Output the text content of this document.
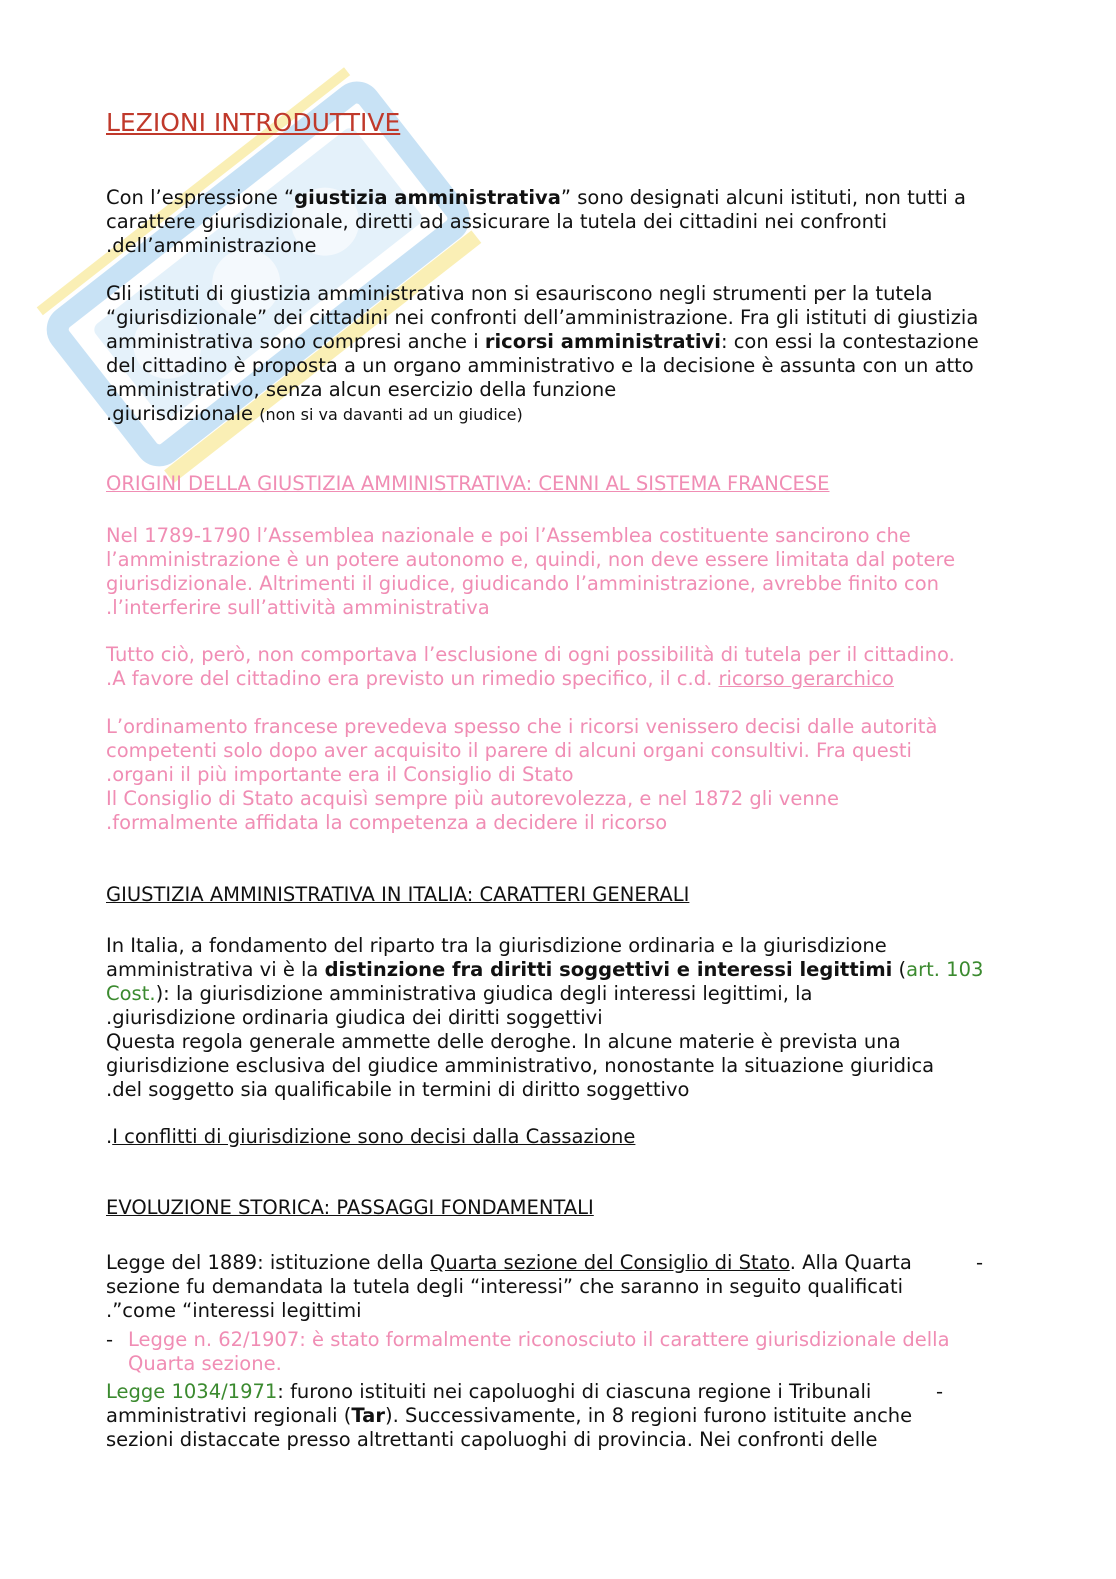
LEZIONI INTRODUTTIVE

Con l’espressione “giustizia amministrativa” sono designati alcuni istituti, non tutti a carattere giurisdizionale, diretti ad assicurare la tutela dei cittadini nei confronti
.dell’amministrazione

Gli istituti di giustizia amministrativa non si esauriscono negli strumenti per la tutela “giurisdizionale” dei cittadini nei confronti dell’amministrazione. Fra gli istituti di giustizia amministrativa sono compresi anche i ricorsi amministrativi: con essi la contestazione del cittadino è proposta a un organo amministrativo e la decisione è assunta con un atto amministrativo, senza alcun esercizio della funzione
.giurisdizionale (non si va davanti ad un giudice)

ORIGINI DELLA GIUSTIZIA AMMINISTRATIVA: CENNI AL SISTEMA FRANCESE

Nel 1789-1790 l’Assemblea nazionale e poi l’Assemblea costituente sancirono che l’amministrazione è un potere autonomo e, quindi, non deve essere limitata dal potere giurisdizionale. Altrimenti il giudice, giudicando l’amministrazione, avrebbe finito con
.l’interferire sull’attività amministrativa

Tutto ciò, però, non comportava l’esclusione di ogni possibilità di tutela per il cittadino.
.A favore del cittadino era previsto un rimedio specifico, il c.d. ricorso gerarchico

L’ordinamento francese prevedeva spesso che i ricorsi venissero decisi dalle autorità competenti solo dopo aver acquisito il parere di alcuni organi consultivi. Fra questi
.organi il più importante era il Consiglio di Stato
Il Consiglio di Stato acquisì sempre più autorevolezza, e nel 1872 gli venne
.formalmente affidata la competenza a decidere il ricorso

GIUSTIZIA AMMINISTRATIVA IN ITALIA: CARATTERI GENERALI

In Italia, a fondamento del riparto tra la giurisdizione ordinaria e la giurisdizione amministrativa vi è la distinzione fra diritti soggettivi e interessi legittimi (art. 103 Cost.): la giurisdizione amministrativa giudica degli interessi legittimi, la
.giurisdizione ordinaria giudica dei diritti soggettivi
Questa regola generale ammette delle deroghe. In alcune materie è prevista una giurisdizione esclusiva del giudice amministrativo, nonostante la situazione giuridica
.del soggetto sia qualificabile in termini di diritto soggettivo

.I conflitti di giurisdizione sono decisi dalla Cassazione

EVOLUZIONE STORICA: PASSAGGI FONDAMENTALI
Legge del 1889: istituzione della Quarta sezione del Consiglio di Stato. Alla Quarta sezione fu demandata la tutela degli “interessi” che saranno in seguito qualificati
.”come “interessi legittimi
-
- Legge n. 62/1907: è stato formalmente riconosciuto il carattere giurisdizionale della Quarta sezione.
Legge 1034/1971: furono istituiti nei capoluoghi di ciascuna regione i Tribunali amministrativi regionali (Tar). Successivamente, in 8 regioni furono istituite anche sezioni distaccate presso altrettanti capoluoghi di provincia. Nei confronti delle
-
